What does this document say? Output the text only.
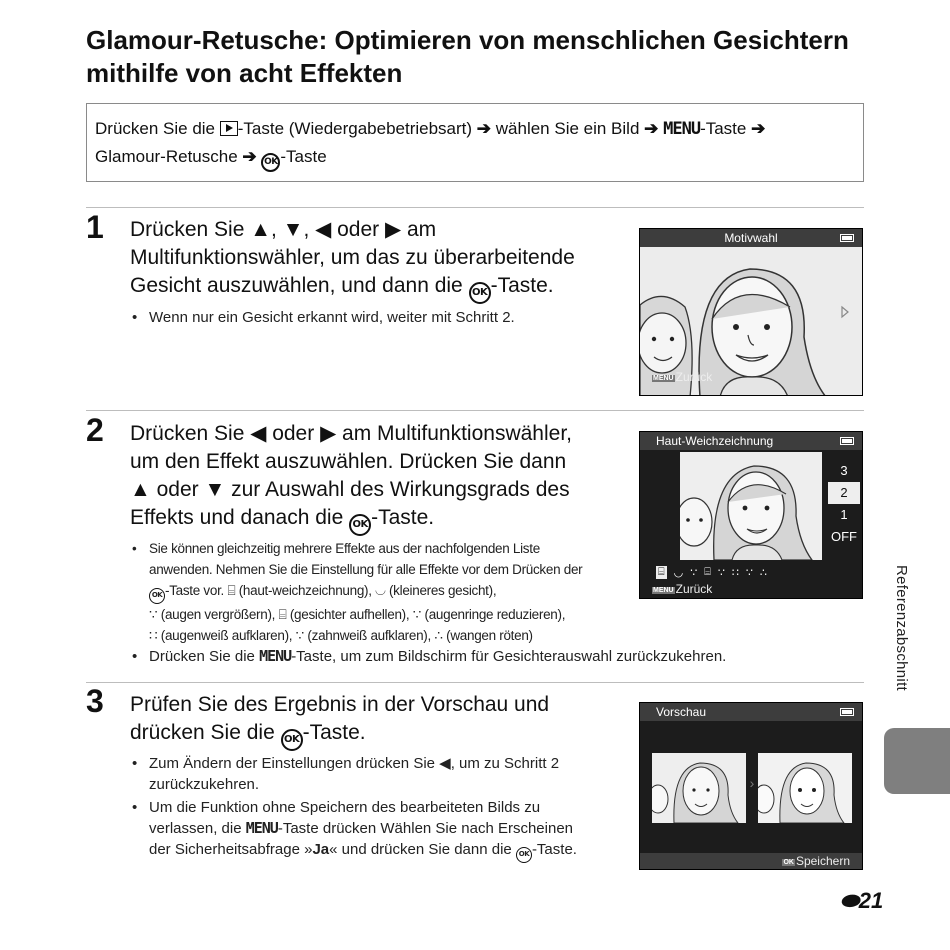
Glamour-Retusche: Optimieren von menschlichen Gesichtern mithilfe von acht Effekten
Drücken Sie die -Taste (Wiedergabebetriebsart) ➔ wählen Sie ein Bild ➔ MENU-Taste ➔
Glamour-Retusche ➔ OK -Taste
1 Drücken Sie ▲, ▼, ◀ oder ▶ am
Multifunktionswähler, um das zu überarbeitende
Gesicht auszuwählen, und dann die OK -Taste.
• Wenn nur ein Gesicht erkannt wird, weiter mit Schritt 2.
Motivwahl
MENU Zurück
2 Drücken Sie ◀ oder ▶ am Multifunktionswähler,
um den Effekt auszuwählen. Drücken Sie dann
▲ oder ▼ zur Auswahl des Wirkungsgrads des
Effekts und danach die OK -Taste.
• Sie können gleichzeitig mehrere Effekte aus der nachfolgenden Liste
anwenden. Nehmen Sie die Einstellung für alle Effekte vor dem Drücken der
OK -Taste vor. ⌸ (haut-weichzeichnung), ◡ (kleineres gesicht),
∵ (augen vergrößern), ⌸ (gesichter aufhellen), ∵ (augenringe reduzieren),
∷ (augenweiß aufklaren), ∵ (zahnweiß aufklaren), ∴ (wangen röten)
• Drücken Sie die MENU-Taste, um zum Bildschirm für Gesichterauswahl zurückzukehren.
Haut-Weichzeichnung
3
2
1
OFF
⌸ ◡ ∵ ⌸ ∵ ∷ ∵ ∴
MENU Zurück
3 Prüfen Sie des Ergebnis in der Vorschau und
drücken Sie die OK -Taste.
• Zum Ändern der Einstellungen drücken Sie ◀, um zu Schritt 2
zurückzukehren.
• Um die Funktion ohne Speichern des bearbeiteten Bilds zu
verlassen, die MENU-Taste drücken Wählen Sie nach Erscheinen
der Sicherheitsabfrage »Ja« und drücken Sie dann die OK -Taste.
Vorschau
›
OK Speichern
Referenzabschnitt
⬬21
